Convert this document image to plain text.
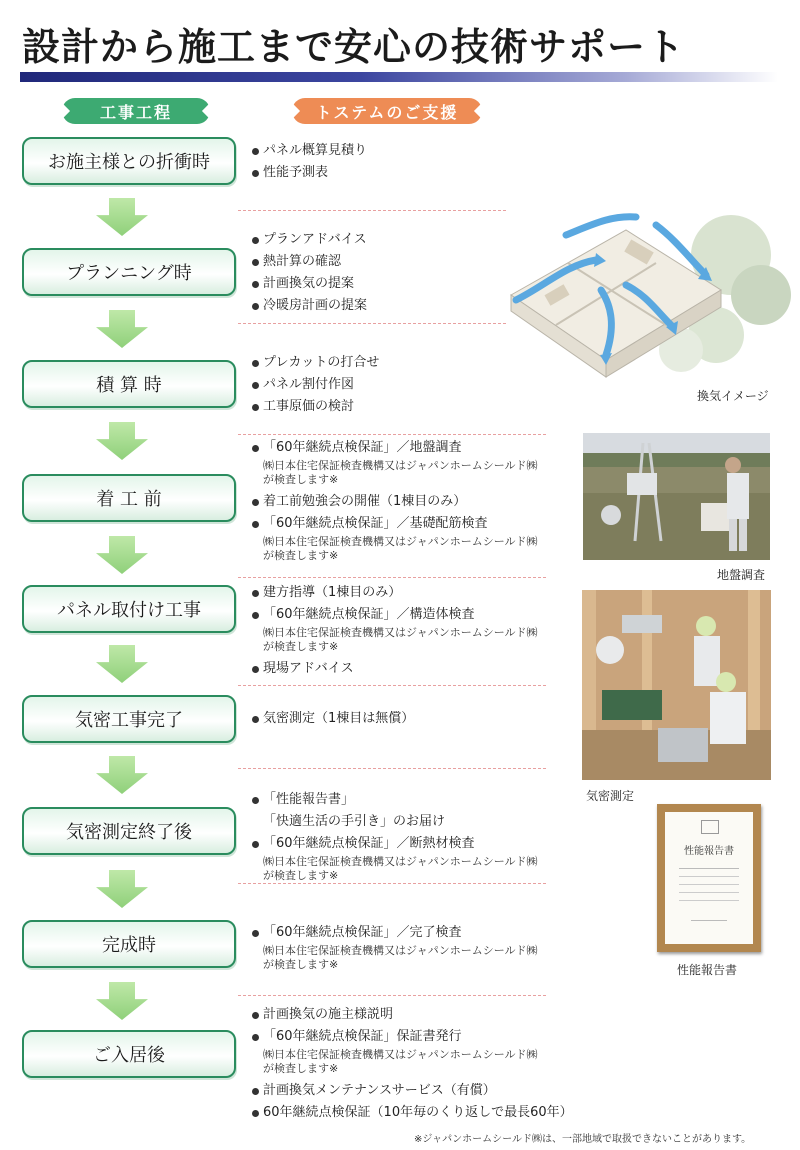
設計から施工まで安心の技術サポート
工事工程	トステムのご支援
お施主様との折衝時
プランニング時
積 算 時
着 工 前
パネル取付け工事
気密工事完了
気密測定終了後
完成時
ご入居後
パネル概算見積り
性能予測表
プランアドバイス
熱計算の確認
計画換気の提案
冷暖房計画の提案
プレカットの打合せ
パネル割付作図
工事原価の検討
「60年継続点検保証」／地盤調査
㈱日本住宅保証検査機構又はジャパンホームシールド㈱
が検査します※
着工前勉強会の開催（1棟目のみ）
「60年継続点検保証」／基礎配筋検査
㈱日本住宅保証検査機構又はジャパンホームシールド㈱
が検査します※
建方指導（1棟目のみ）
「60年継続点検保証」／構造体検査
㈱日本住宅保証検査機構又はジャパンホームシールド㈱
が検査します※
現場アドバイス
気密測定（1棟目は無償）
「性能報告書」
「快適生活の手引き」のお届け
「60年継続点検保証」／断熱材検査
㈱日本住宅保証検査機構又はジャパンホームシールド㈱
が検査します※
「60年継続点検保証」／完了検査
㈱日本住宅保証検査機構又はジャパンホームシールド㈱
が検査します※
計画換気の施主様説明
「60年継続点検保証」保証書発行
㈱日本住宅保証検査機構又はジャパンホームシールド㈱
が検査します※
計画換気メンテナンスサービス（有償）
60年継続点検保証（10年毎のくり返しで最長60年）
換気イメージ
地盤調査
気密測定
性能報告書
性能報告書
※ジャパンホームシールド㈱は、一部地域で取扱できないことがあります。
